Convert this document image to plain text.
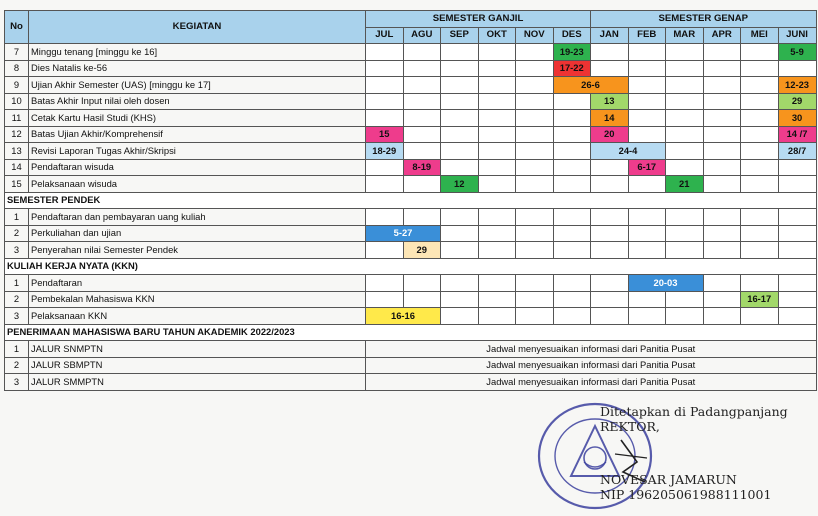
No	KEGIATAN	SEMESTER GANJIL						SEMESTER GENAP					
		JUL	AGU	SEP	OKT	NOV	DES	JAN	FEB	MAR	APR	MEI	JUNI
7	Minggu tenang [minggu ke 16]						19-23						5-9
8	Dies Natalis ke-56						17-22						
9	Ujian Akhir Semester (UAS) [minggu ke 17]						26-6						12-23
10	Batas Akhir Input nilai oleh dosen							13					29
11	Cetak Kartu Hasil Studi (KHS)							14					30
12	Batas Ujian Akhir/Komprehensif	15						20					14 /7
13	Revisi Laporan Tugas Akhir/Skripsi	18-29						24-4					28/7
14	Pendaftaran wisuda		8-19						6-17				
15	Pelaksanaan wisuda			12						21			
SEMESTER PENDEK													
1	Pendaftaran dan pembayaran uang kuliah												
2	Perkuliahan dan ujian	5-27											
3	Penyerahan nilai Semester Pendek		29										
KULIAH KERJA NYATA (KKN)													
1	Pendaftaran								20-03				
2	Pembekalan Mahasiswa KKN											16-17	
3	Pelaksanaan KKN	16-16											
PENERIMAAN MAHASISWA BARU TAHUN AKADEMIK 2022/2023													
1	JALUR SNMPTN	Jadwal menyesuaikan informasi dari Panitia Pusat											
2	JALUR SBMPTN	Jadwal menyesuaikan informasi dari Panitia Pusat											
3	JALUR SMMPTN	Jadwal menyesuaikan informasi dari Panitia Pusat											
Ditetapkan di Padangpanjang
REKTOR,
NOVESAR JAMARUN
NIP 196205061988111001
